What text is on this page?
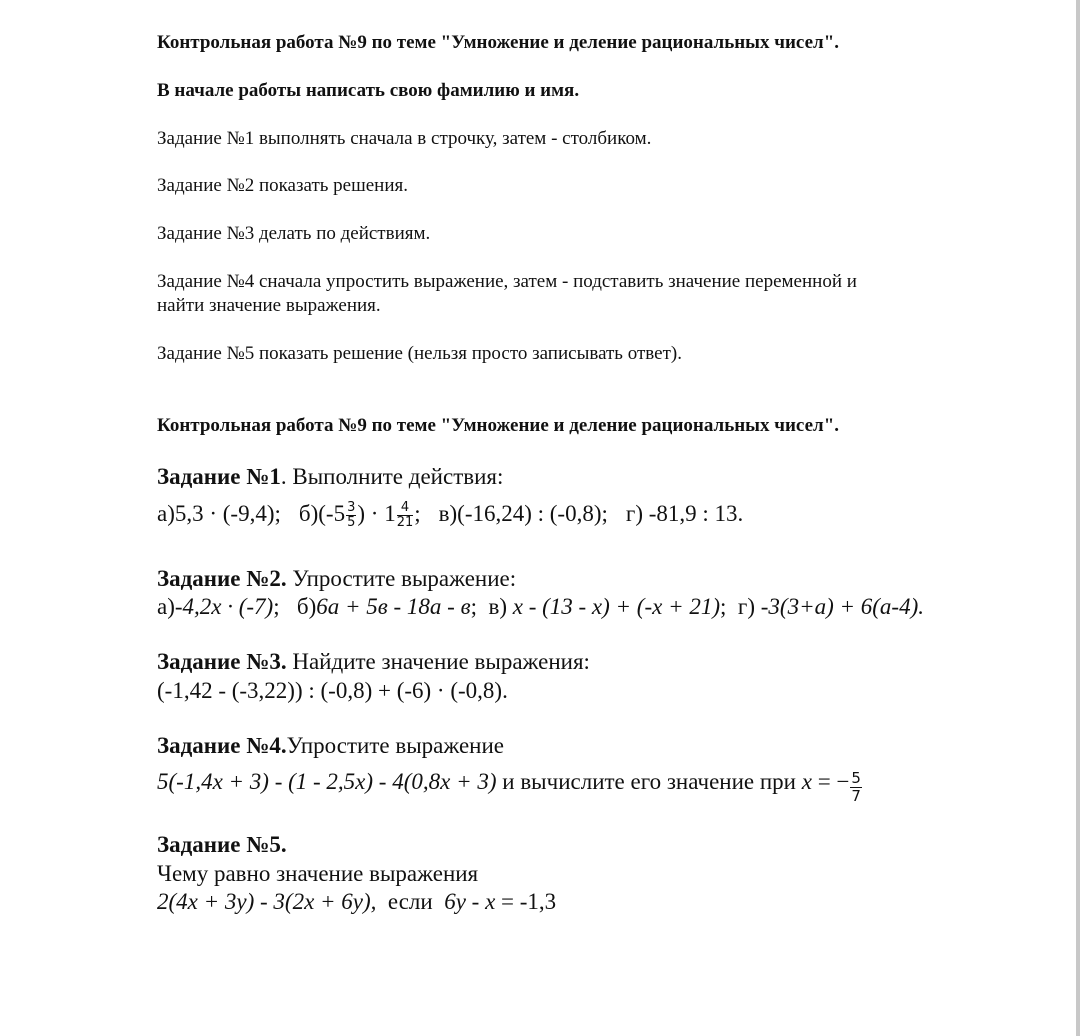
Контрольная работа №9 по теме "Умножение и деление рациональных чисел".

В начале работы написать свою фамилию и имя.

Задание №1 выполнять сначала в строчку, затем - столбиком.

Задание №2 показать решения.

Задание №3 делать по действиям.

Задание №4 сначала упростить выражение, затем - подставить значение переменной и

найти значение выражения.

Задание №5 показать решение (нельзя просто записывать ответ).

Контрольная работа №9 по теме "Умножение и деление рациональных чисел".

Задание №1. Выполните действия:

а)5,3 · (-9,4); $б)(-5 \frac{3}{5}$ ) · $1 \frac{4}{21}$ ; в)(-16,24) : (-0,8); г) -81,9 : 13.

Задание №2. Упростите выражение:

а)-4,2x · (-7); б)6а + 5в - 18а - в; в) x - (13 - x) + (-x + 21); г) -3(3+a) + 6(a-4).

Задание №3. Найдите значение выражения:

(-1,42 - (-3,22)) : (-0,8) + (-6) · (-0,8).

Задание №4.Упростите выражение

5(-1,4x + 3) - (1 - 2,5x) - 4(0,8x + 3) и вычислите его значение при x = − $\frac{5}{7}$

Задание №5.

Чему равно значение выражения

2(4x + 3y) - 3(2x + 6y),  если  6y - x = -1,3
